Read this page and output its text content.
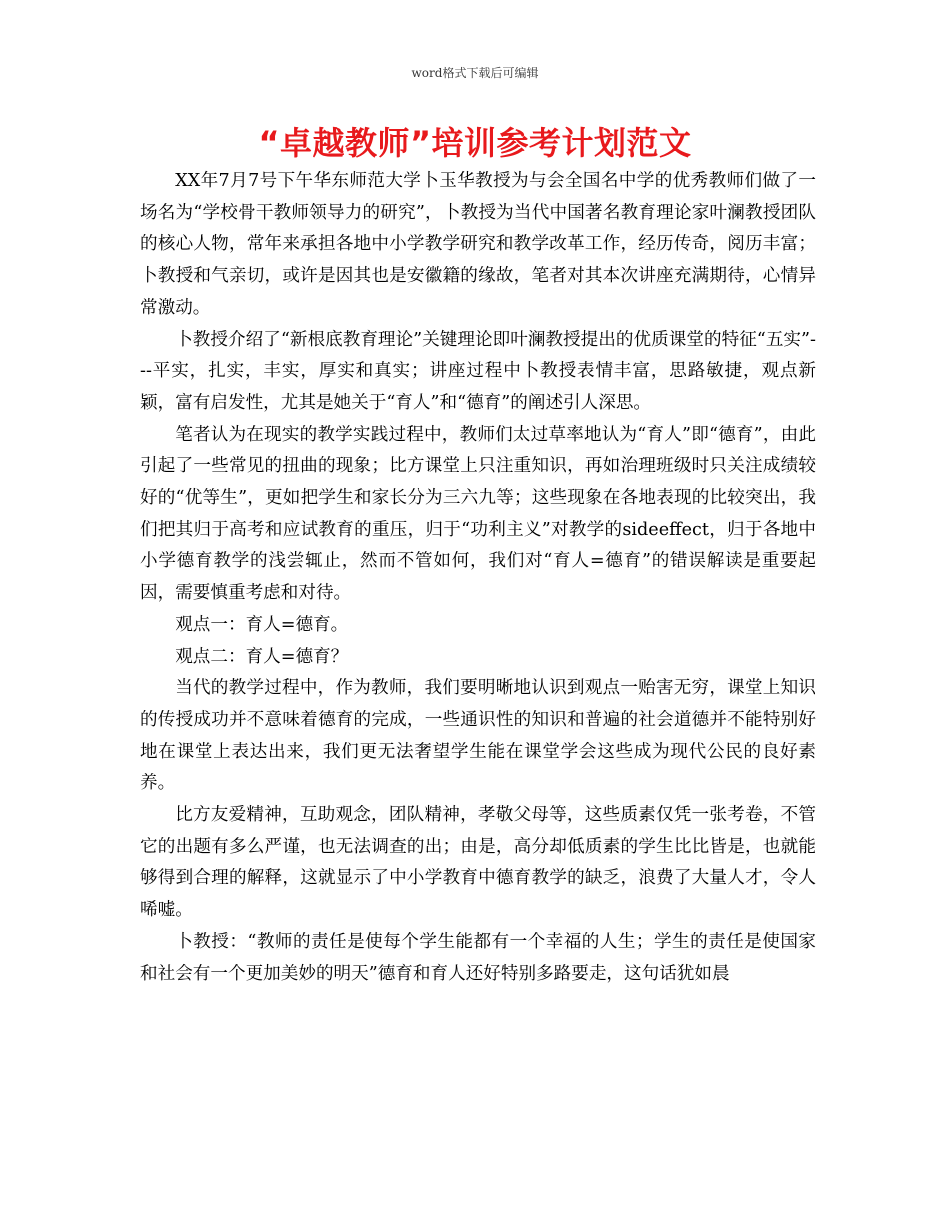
word格式下载后可编辑
“卓越教师”培训参考计划范文

XX年7月7号下午华东师范大学卜玉华教授为与会全国名中学的优秀教师们做了一场名为“学校骨干教师领导力的研究”，卜教授为当代中国著名教育理论家叶澜教授团队的核心人物，常年来承担各地中小学教学研究和教学改革工作，经历传奇，阅历丰富；卜教授和气亲切，或许是因其也是安徽籍的缘故，笔者对其本次讲座充满期待，心情异常激动。

卜教授介绍了“新根底教育理论”关键理论即叶澜教授提出的优质课堂的特征“五实”---平实，扎实，丰实，厚实和真实；讲座过程中卜教授表情丰富，思路敏捷，观点新颖，富有启发性，尤其是她关于“育人”和“德育”的阐述引人深思。

笔者认为在现实的教学实践过程中，教师们太过草率地认为“育人”即“德育”，由此引起了一些常见的扭曲的现象；比方课堂上只注重知识，再如治理班级时只关注成绩较好的“优等生”，更如把学生和家长分为三六九等；这些现象在各地表现的比较突出，我们把其归于高考和应试教育的重压，归于“功利主义”对教学的sideeffect，归于各地中小学德育教学的浅尝辄止，然而不管如何，我们对“育人=德育”的错误解读是重要起因，需要慎重考虑和对待。

观点一：育人=德育。

观点二：育人=德育？

当代的教学过程中，作为教师，我们要明晰地认识到观点一贻害无穷，课堂上知识的传授成功并不意味着德育的完成，一些通识性的知识和普遍的社会道德并不能特别好地在课堂上表达出来，我们更无法奢望学生能在课堂学会这些成为现代公民的良好素养。

比方友爱精神，互助观念，团队精神，孝敬父母等，这些质素仅凭一张考卷，不管它的出题有多么严谨，也无法调查的出；由是，高分却低质素的学生比比皆是，也就能够得到合理的解释，这就显示了中小学教育中德育教学的缺乏，浪费了大量人才，令人唏嘘。

卜教授：“教师的责任是使每个学生能都有一个幸福的人生；学生的责任是使国家和社会有一个更加美妙的明天”德育和育人还好特别多路要走，这句话犹如晨
